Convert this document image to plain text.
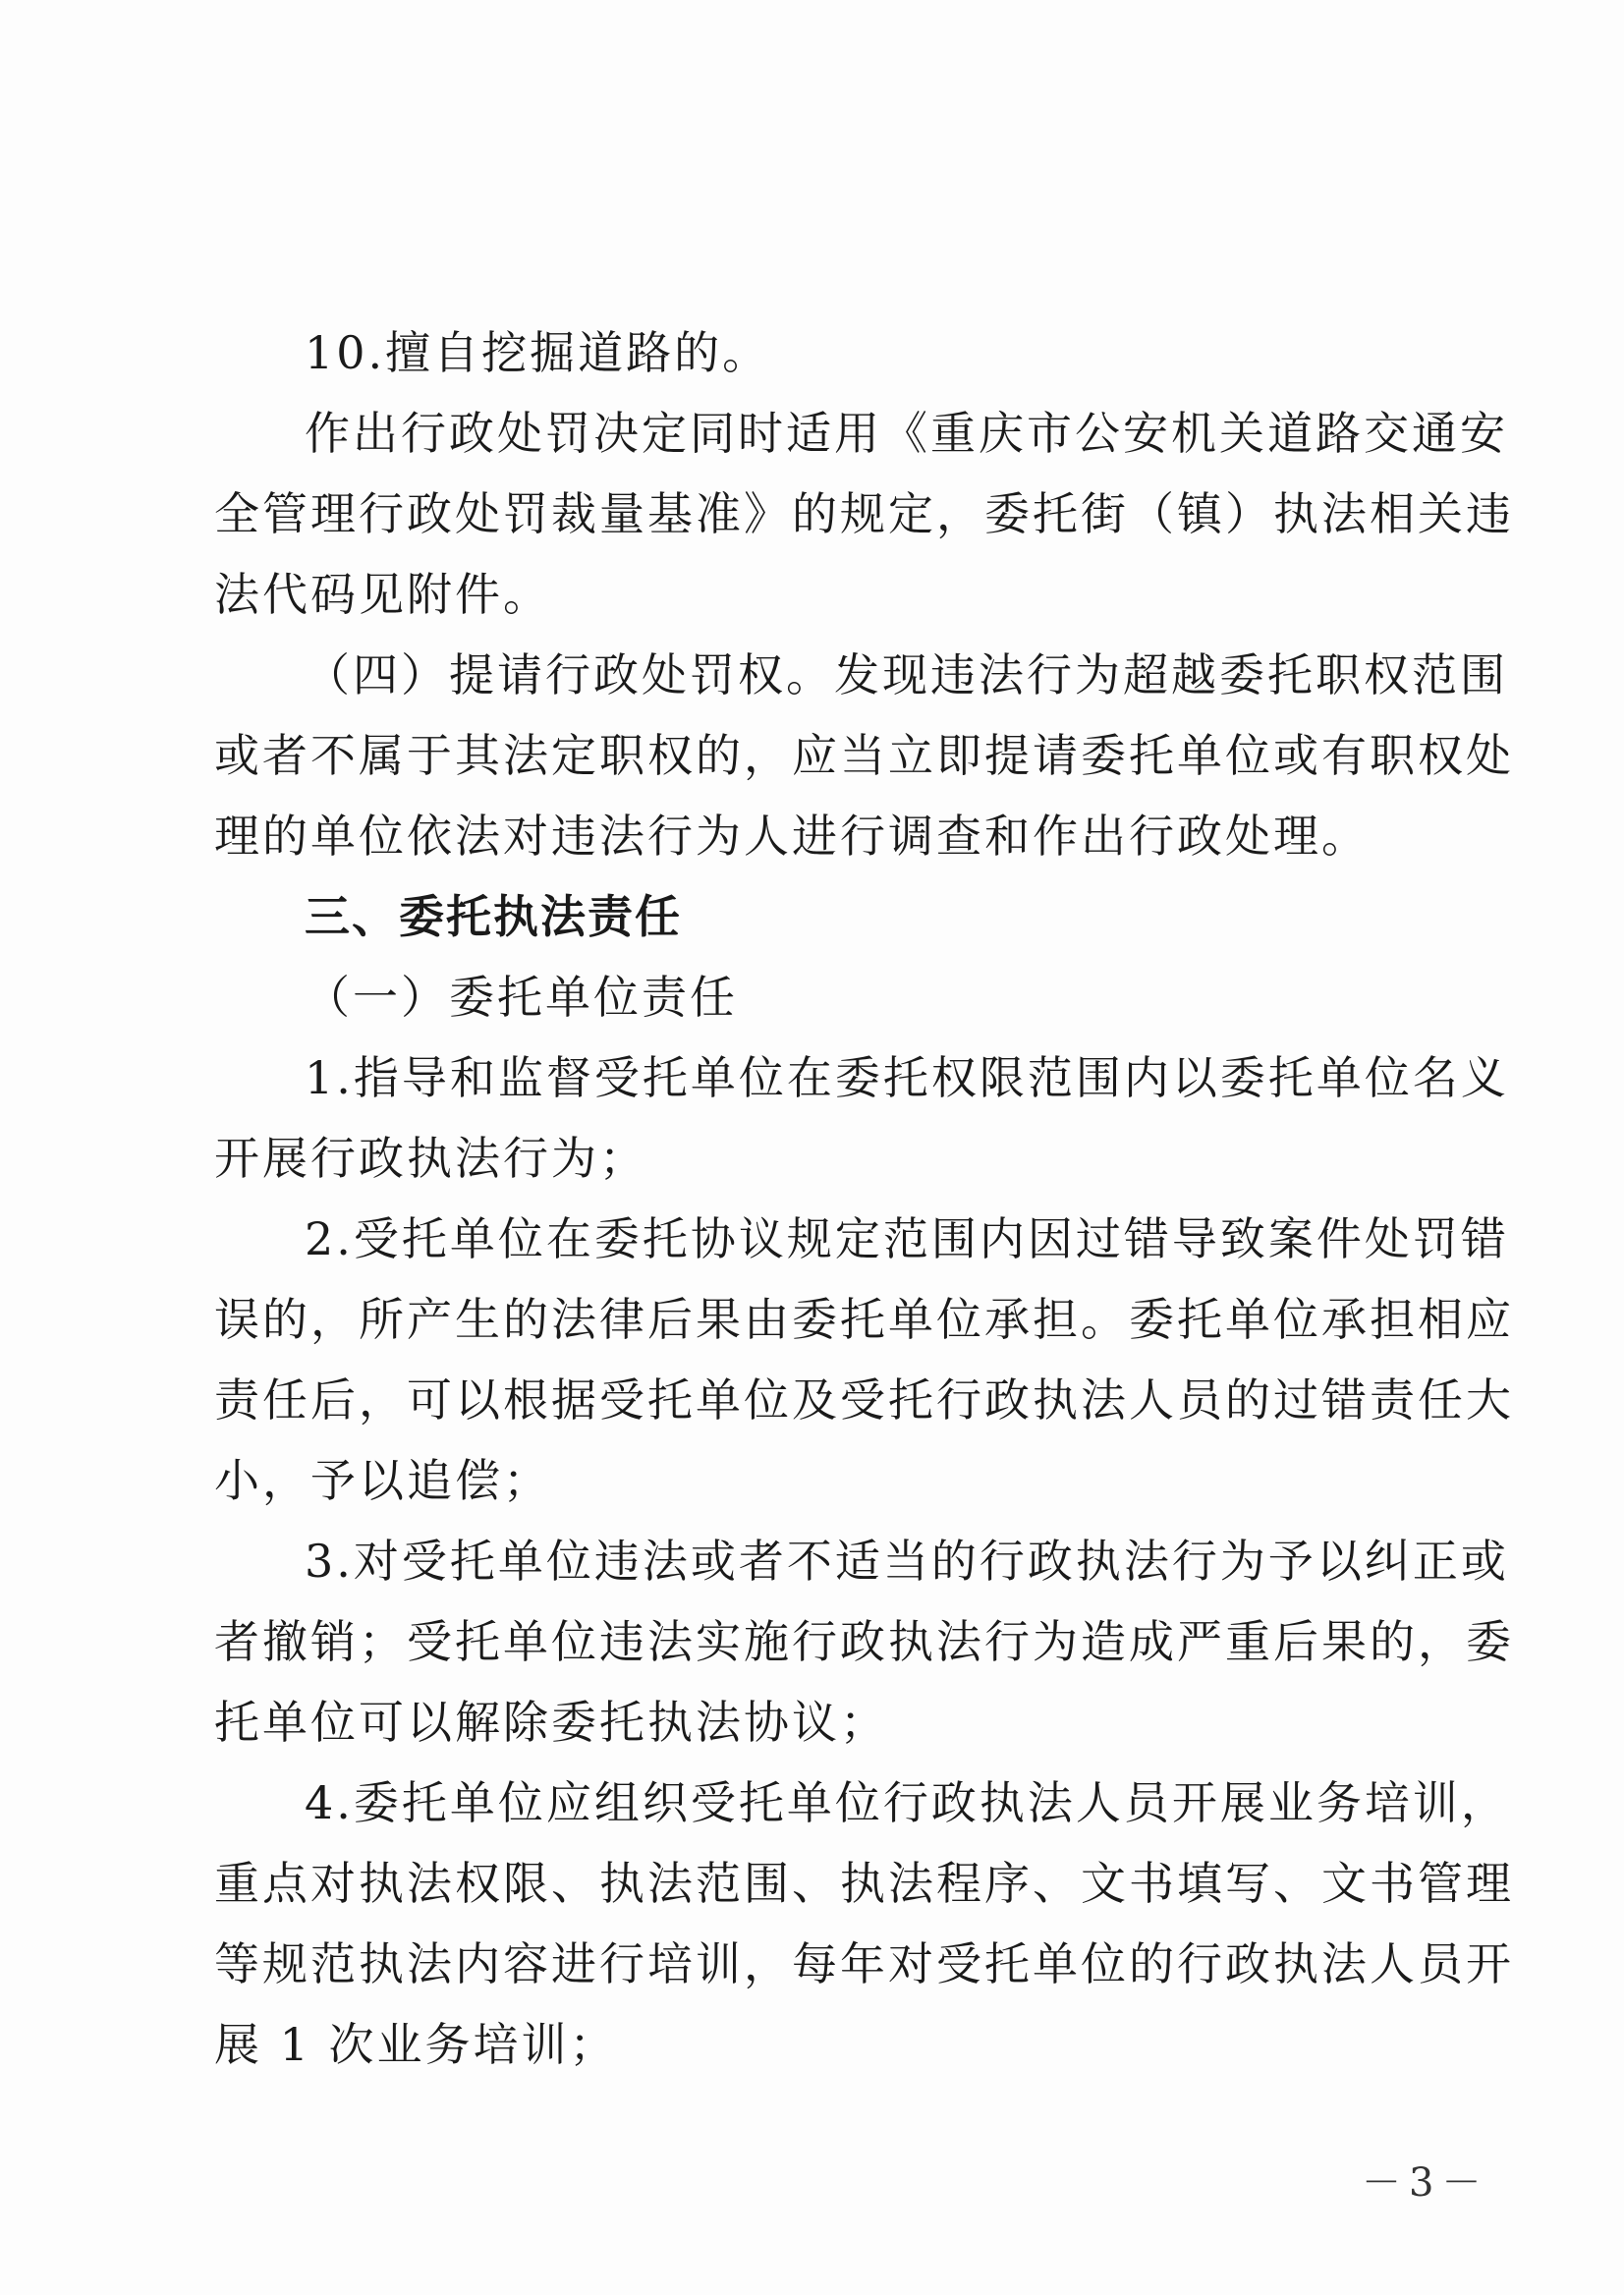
10.擅自挖掘道路的。
作出行政处罚决定同时适用《重庆市公安机关道路交通安
全管理行政处罚裁量基准》的规定，委托街（镇）执法相关违
法代码见附件。
（四）提请行政处罚权。发现违法行为超越委托职权范围
或者不属于其法定职权的，应当立即提请委托单位或有职权处
理的单位依法对违法行为人进行调查和作出行政处理。
三、委托执法责任
（一）委托单位责任
1.指导和监督受托单位在委托权限范围内以委托单位名义
开展行政执法行为；
2.受托单位在委托协议规定范围内因过错导致案件处罚错
误的，所产生的法律后果由委托单位承担。委托单位承担相应
责任后，可以根据受托单位及受托行政执法人员的过错责任大
小，予以追偿；
3.对受托单位违法或者不适当的行政执法行为予以纠正或
者撤销；受托单位违法实施行政执法行为造成严重后果的，委
托单位可以解除委托执法协议；
4.委托单位应组织受托单位行政执法人员开展业务培训，
重点对执法权限、执法范围、执法程序、文书填写、文书管理
等规范执法内容进行培训，每年对受托单位的行政执法人员开
展 1 次业务培训；
－3－
